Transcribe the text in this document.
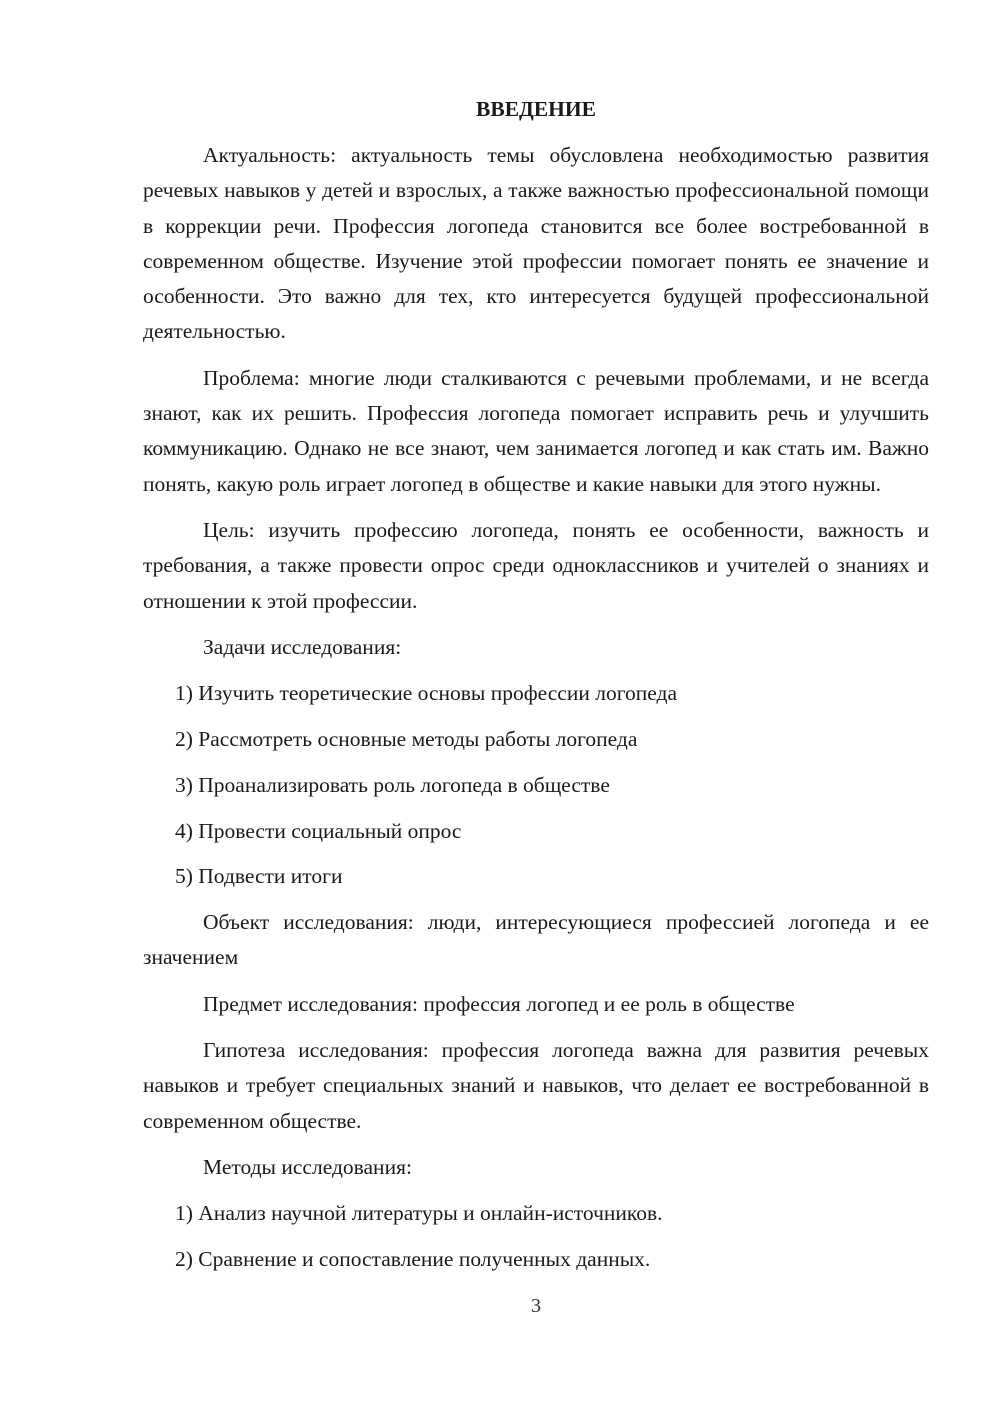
ВВЕДЕНИЕ

Актуальность: актуальность темы обусловлена необходимостью развития речевых навыков у детей и взрослых, а также важностью профессиональной помощи в коррекции речи. Профессия логопеда становится все более востребованной в современном обществе. Изучение этой профессии помогает понять ее значение и особенности. Это важно для тех, кто интересуется будущей профессиональной деятельностью.

Проблема: многие люди сталкиваются с речевыми проблемами, и не всегда знают, как их решить. Профессия логопеда помогает исправить речь и улучшить коммуникацию. Однако не все знают, чем занимается логопед и как стать им. Важно понять, какую роль играет логопед в обществе и какие навыки для этого нужны.

Цель: изучить профессию логопеда, понять ее особенности, важность и требования, а также провести опрос среди одноклассников и учителей о знаниях и отношении к этой профессии.

Задачи исследования:

1) Изучить теоретические основы профессии логопеда

2) Рассмотреть основные методы работы логопеда

3) Проанализировать роль логопеда в обществе

4) Провести социальный опрос

5) Подвести итоги

Объект исследования: люди, интересующиеся профессией логопеда и ее значением

Предмет исследования: профессия логопед и ее роль в обществе

Гипотеза исследования: профессия логопеда важна для развития речевых навыков и требует специальных знаний и навыков, что делает ее востребованной в современном обществе.

Методы исследования:

1) Анализ научной литературы и онлайн-источников.

2) Сравнение и сопоставление полученных данных.

3
